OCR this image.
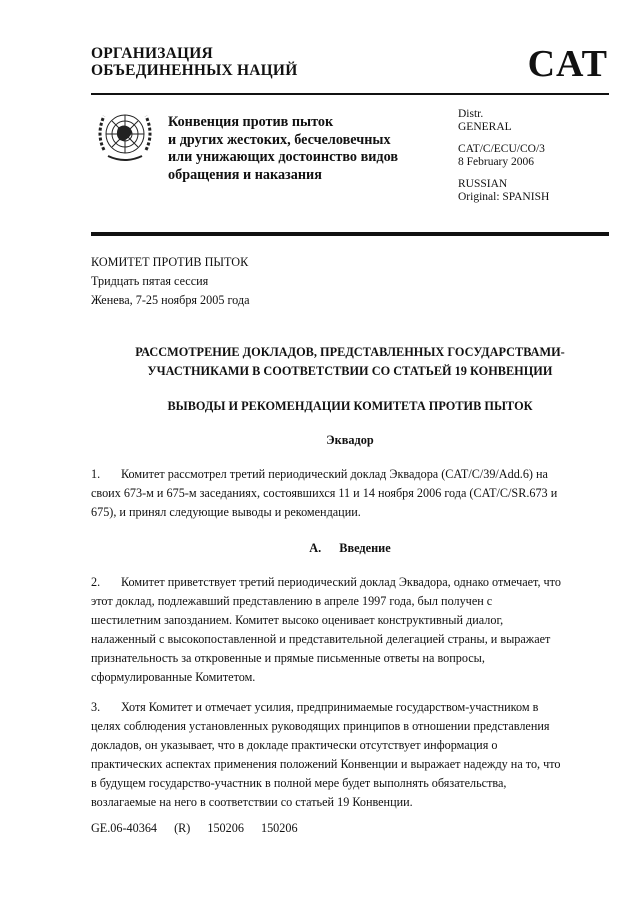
ОРГАНИЗАЦИЯ
ОБЪЕДИНЕННЫХ НАЦИЙ	CAT
Конвенция против пыток
и других жестоких, бесчеловечных
или унижающих достоинство видов
обращения и наказания

Distr.

GENERAL

CAT/C/ECU/CO/3

8 February 2006

RUSSIAN

Original: SPANISH

КОМИТЕТ ПРОТИВ ПЫТОК
Тридцать пятая сессия
Женева, 7-25 ноября 2005 года
РАССМОТРЕНИЕ ДОКЛАДОВ, ПРЕДСТАВЛЕННЫХ ГОСУДАРСТВАМИ-
УЧАСТНИКАМИ В СООТВЕТСТВИИ СО СТАТЬЕЙ 19 КОНВЕНЦИИ
ВЫВОДЫ И РЕКОМЕНДАЦИИ КОМИТЕТА ПРОТИВ ПЫТОК
Эквадор
1. Комитет рассмотрел третий периодический доклад Эквадора (CAT/C/39/Add.6) на
своих 673-м и 675-м заседаниях, состоявшихся 11 и 14 ноября 2006 года (CAT/C/SR.673 и
675), и принял следующие выводы и рекомендации.
A. Введение
2. Комитет приветствует третий периодический доклад Эквадора, однако отмечает, что
этот доклад, подлежавший представлению в апреле 1997 года, был получен с
шестилетним запозданием. Комитет высоко оценивает конструктивный диалог,
налаженный с высокопоставленной и представительной делегацией страны, и выражает
признательность за откровенные и прямые письменные ответы на вопросы,
сформулированные Комитетом.
3. Хотя Комитет и отмечает усилия, предпринимаемые государством-участником в
целях соблюдения установленных руководящих принципов в отношении представления
докладов, он указывает, что в докладе практически отсутствует информация о
практических аспектах применения положений Конвенции и выражает надежду на то, что
в будущем государство-участник в полной мере будет выполнять обязательства,
возлагаемые на него в соответствии со статьей 19 Конвенции.
GE.06-40364 (R) 150206 150206
